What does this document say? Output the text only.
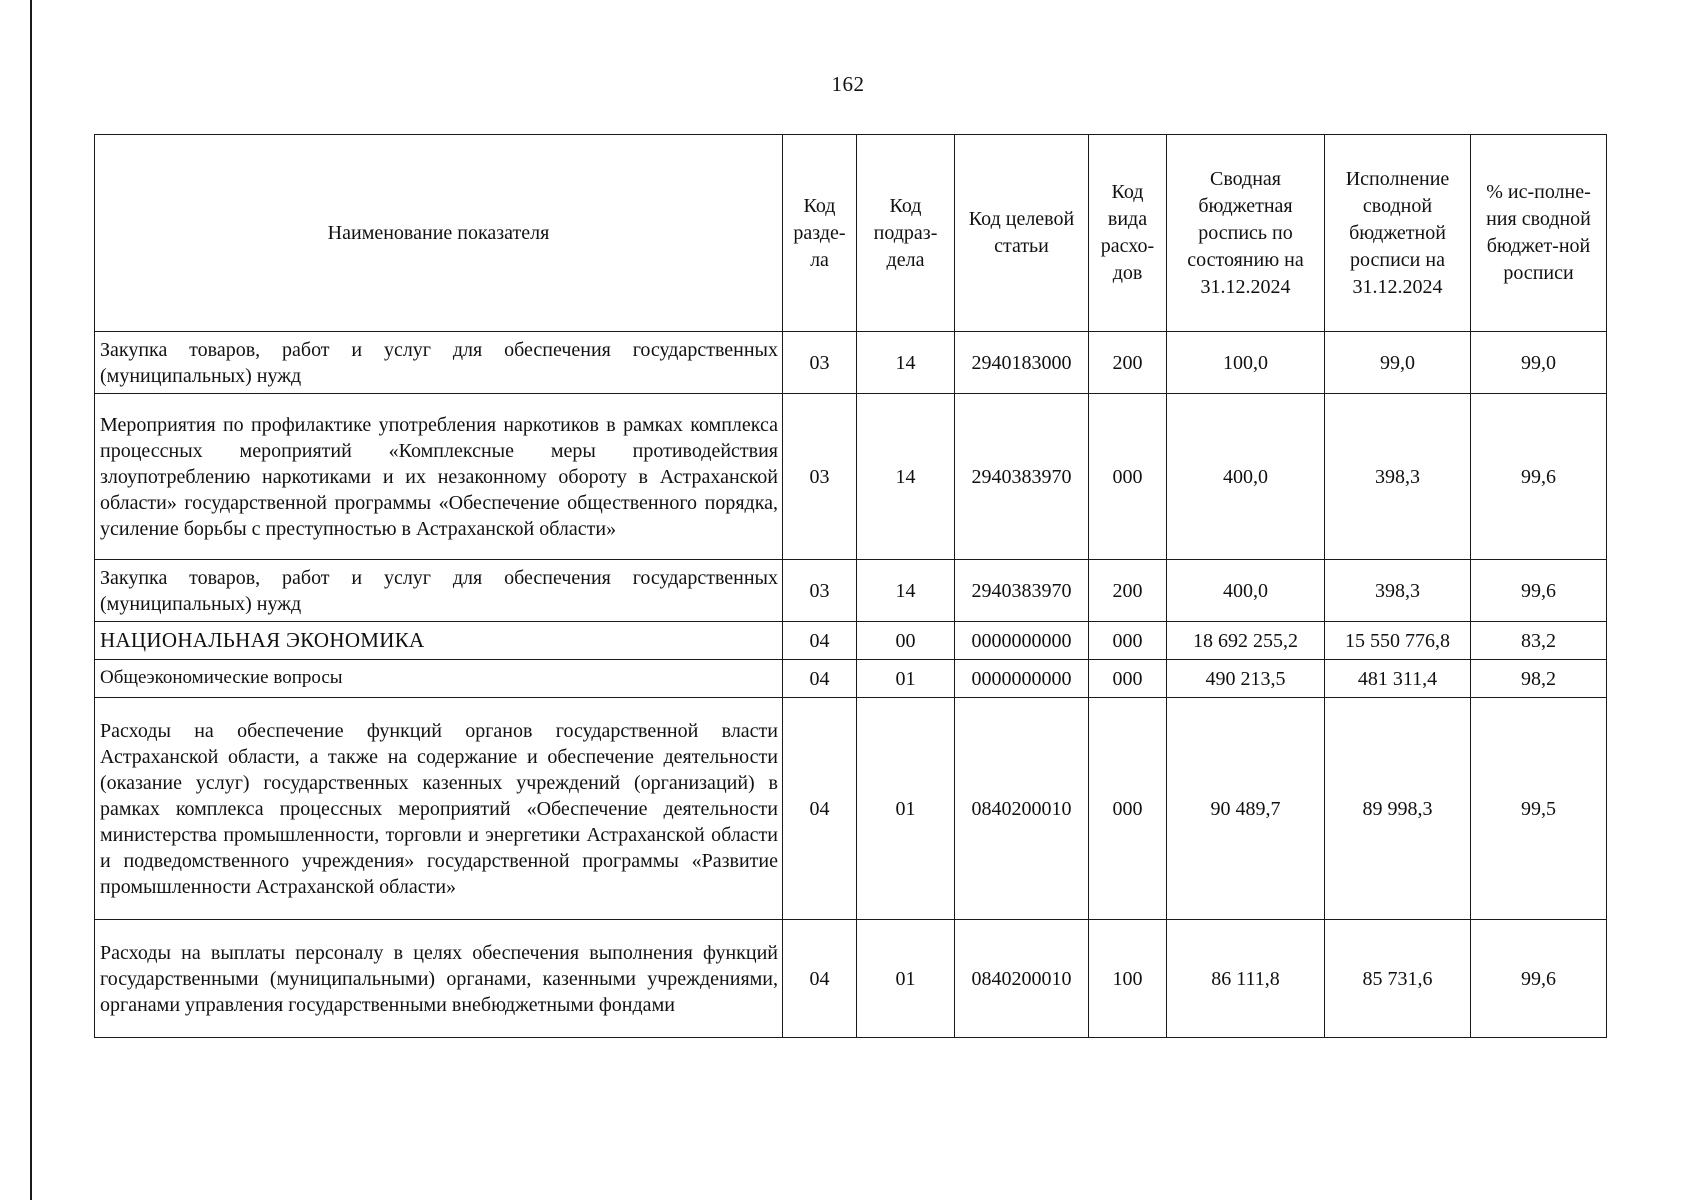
162
Наименование показателя	Код разде-ла	Код подраз-дела	Код целевой статьи	Код вида расхо-дов	Сводная бюджетная роспись по состоянию на 31.12.2024	Исполнение сводной бюджетной росписи на 31.12.2024	% ис-полне-ния сводной бюджет-ной росписи
Закупка товаров, работ и услуг для обеспечения государственных (муниципальных) нужд	03	14	2940183000	200	100,0	99,0	99,0
Мероприятия по профилактике употребления наркотиков в рамках комплекса процессных мероприятий «Комплексные меры противодействия злоупотреблению наркотиками и их незаконному обороту в Астраханской области» государственной программы «Обеспечение общественного порядка, усиление борьбы с преступностью в Астраханской области»	03	14	2940383970	000	400,0	398,3	99,6
Закупка товаров, работ и услуг для обеспечения государственных (муниципальных) нужд	03	14	2940383970	200	400,0	398,3	99,6
НАЦИОНАЛЬНАЯ ЭКОНОМИКА	04	00	0000000000	000	18 692 255,2	15 550 776,8	83,2
Общеэкономические вопросы	04	01	0000000000	000	490 213,5	481 311,4	98,2
Расходы на обеспечение функций органов государственной власти Астраханской области, а также на содержание и обеспечение деятельности (оказание услуг) государственных казенных учреждений (организаций) в рамках комплекса процессных мероприятий «Обеспечение деятельности министерства промышленности, торговли и энергетики Астраханской области и подведомственного учреждения» государственной программы «Развитие промышленности Астраханской области»	04	01	0840200010	000	90 489,7	89 998,3	99,5
Расходы на выплаты персоналу в целях обеспечения выполнения функций государственными (муниципальными) органами, казенными учреждениями, органами управления государственными внебюджетными фондами	04	01	0840200010	100	86 111,8	85 731,6	99,6
